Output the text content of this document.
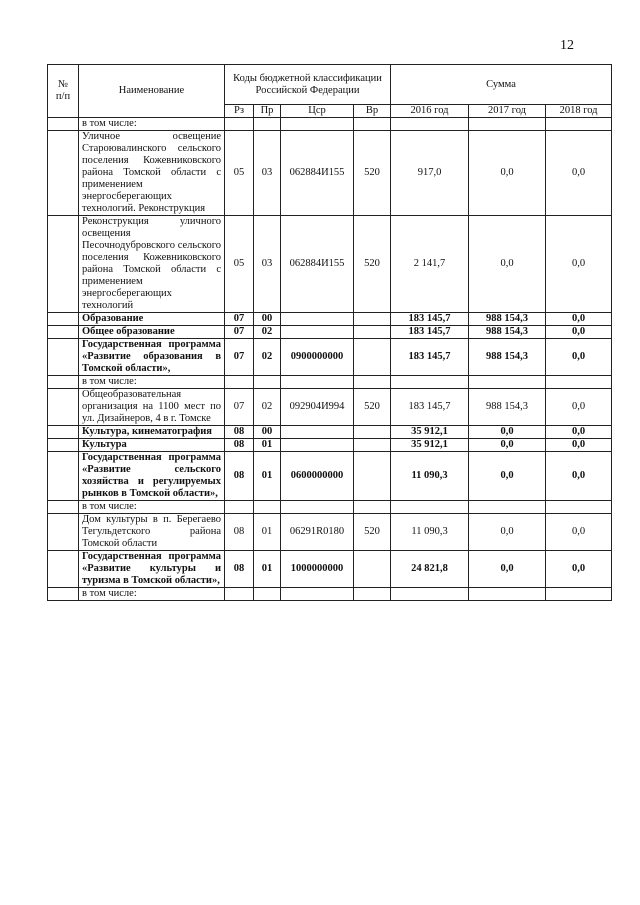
12
№
п/п	Наименование	Коды бюджетной классификации Российской Федерации				Сумма		
		Рз	Пр	Цср	Вр	2016 год	2017 год	2018 год
	в том числе:							
	Уличное освещение Староювалинского сельского поселения Кожевниковского района Томской области с применением энергосберегающих технологий. Реконструкция	05	03	062884И155	520	917,0	0,0	0,0
	Реконструкция уличного освещения Песочнодубровского сельского поселения Кожевниковского района Томской области с применением энергосберегающих технологий	05	03	062884И155	520	2 141,7	0,0	0,0
	Образование	07	00			183 145,7	988 154,3	0,0
	Общее образование	07	02			183 145,7	988 154,3	0,0
	Государственная программа «Развитие образования в Томской области»,	07	02	0900000000		183 145,7	988 154,3	0,0
	в том числе:							
	Общеобразовательная организация на 1100 мест по ул. Дизайнеров, 4 в г. Томске	07	02	092904И994	520	183 145,7	988 154,3	0,0
	Культура, кинематография	08	00			35 912,1	0,0	0,0
	Культура	08	01			35 912,1	0,0	0,0
	Государственная программа «Развитие сельского хозяйства и регулируемых рынков в Томской области»,	08	01	0600000000		11 090,3	0,0	0,0
	в том числе:							
	Дом культуры в п. Берегаево Тегульдетского района Томской области	08	01	06291R0180	520	11 090,3	0,0	0,0
	Государственная программа «Развитие культуры и туризма в Томской области»,	08	01	1000000000		24 821,8	0,0	0,0
	в том числе:							
